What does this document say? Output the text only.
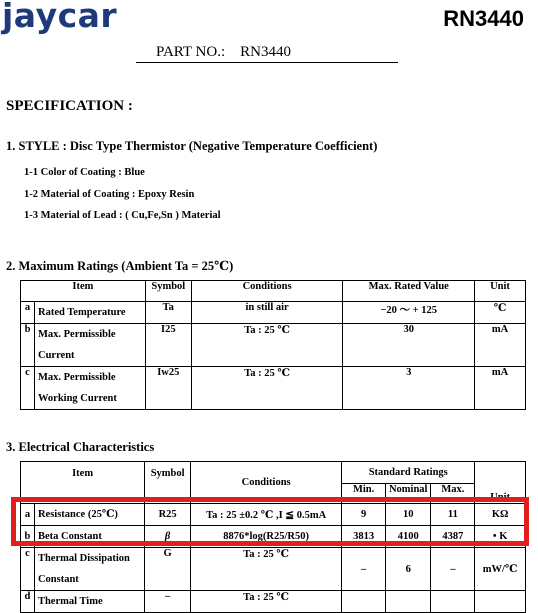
jaycar	RN3440
PART NO.: RN3440
SPECIFICATION :
1. STYLE : Disc Type Thermistor (Negative Temperature Coefficient)
1-1 Color of Coating : Blue
1-2 Material of Coating : Epoxy Resin
1-3 Material of Lead : ( Cu,Fe,Sn ) Material
2. Maximum Ratings (Ambient Ta = 25℃)
Item		Symbol	Conditions	Max. Rated Value	Unit
a	Rated Temperature	Ta	in still air	−20 ～ + 125	℃
b	Max. Permissible Current	I25	Ta : 25 ℃	30	mA
c	Max. Permissible Working Current	Iw25	Ta : 25 ℃	3	mA
3. Electrical Characteristics
Item		Symbol	Conditions	Standard Ratings			Unit
				Min.	Nominal	Max.	
a	Resistance (25℃)	R25	Ta : 25 ±0.2 ℃ ,I ≦ 0.5mA	9	10	11	KΩ
b	Beta Constant	β	8876*log(R25/R50)	3813	4100	4387	• K
c	Thermal Dissipation Constant	G	Ta : 25 ℃	–	6	–	mW/℃
d	Thermal Time	–	Ta : 25 ℃				
